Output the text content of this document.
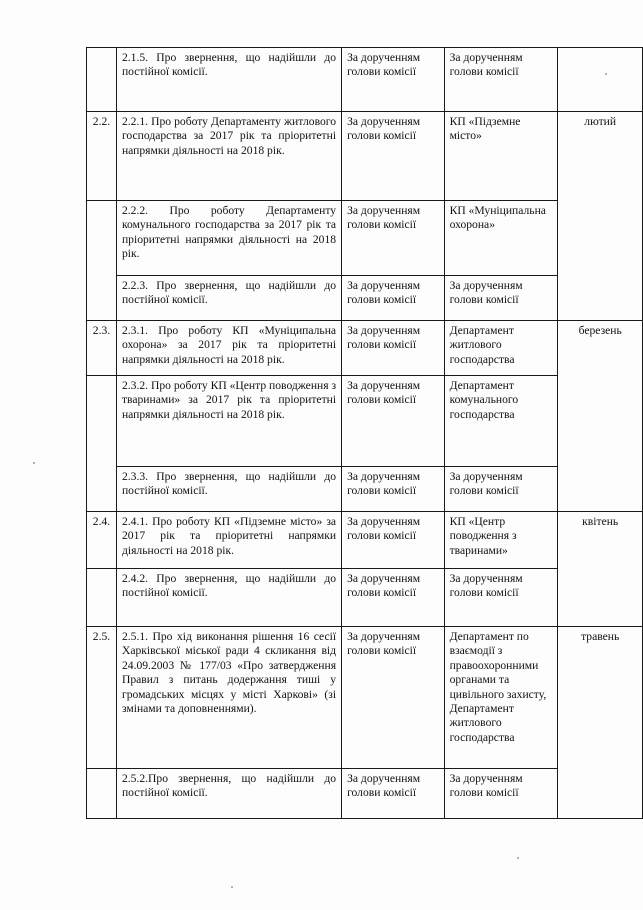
	2.1.5. Про звернення, що надійшли до постійної комісії.	За дорученням голови комісії	За дорученням голови комісії	
2.2.	2.2.1. Про роботу Департаменту житлового господарства за 2017 рік та пріоритетні напрямки діяльності на 2018 рік.	За дорученням голови комісії	КП «Підземне місто»	лютий
	2.2.2. Про роботу Департаменту комунального господарства за 2017 рік та пріоритетні напрямки діяльності на 2018 рік.	За дорученням голови комісії	КП «Муніципальна охорона»	
	2.2.3. Про звернення, що надійшли до постійної комісії.	За дорученням голови комісії	За дорученням голови комісії	
2.3.	2.3.1. Про роботу КП «Муніципальна охорона» за 2017 рік та пріоритетні напрямки діяльності на 2018 рік.	За дорученням голови комісії	Департамент житлового господарства	березень
	2.3.2. Про роботу КП «Центр поводження з тваринами» за 2017 рік та пріоритетні напрямки діяльності на 2018 рік.	За дорученням голови комісії	Департамент комунального господарства	
	2.3.3. Про звернення, що надійшли до постійної комісії.	За дорученням голови комісії	За дорученням голови комісії	
2.4.	2.4.1. Про роботу КП «Підземне місто» за 2017 рік та пріоритетні напрямки діяльності на 2018 рік.	За дорученням голови комісії	КП «Центр поводження з тваринами»	квітень
	2.4.2. Про звернення, що надійшли до постійної комісії.	За дорученням голови комісії	За дорученням голови комісії	
2.5.	2.5.1. Про хід виконання рішення 16 сесії Харківської міської ради 4 скликання від 24.09.2003 № 177/03 «Про затвердження Правил з питань додержання тиші у громадських місцях у місті Харкові» (зі змінами та доповненнями).	За дорученням голови комісії	Департамент по взаємодії з правоохоронними органами та цивільного захисту, Департамент житлового господарства	травень
	2.5.2.Про звернення, що надійшли до постійної комісії.	За дорученням голови комісії	За дорученням голови комісії	
